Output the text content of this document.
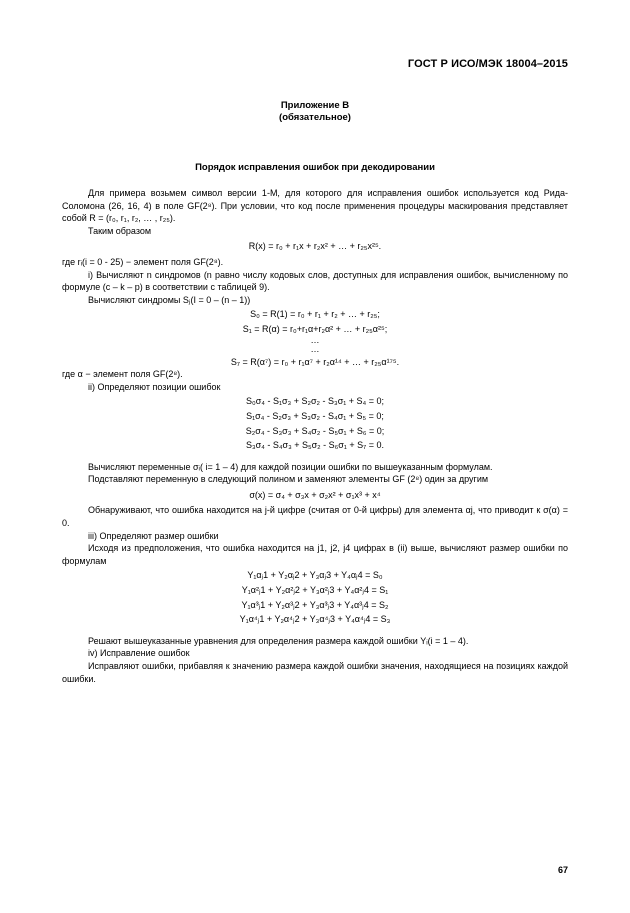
ГОСТ Р ИСО/МЭК 18004–2015
Приложение В
(обязательное)
Порядок исправления ошибок при декодировании
Для примера возьмем символ версии 1-M, для которого для исправления ошибок используется код Рида-Соломона (26, 16, 4) в поле GF(2⁸). При условии, что код после применения процедуры маскирования представляет собой R = (r₀, r₁, r₂, … , r₂₅).
Таким образом
R(x) = r₀ + r₁x + r₂x² + … + r₂₅x²⁵.
где rᵢ(i = 0 - 25) − элемент поля GF(2⁸).
i) Вычисляют n синдромов (n равно числу кодовых слов, доступных для исправления ошибок, вычисленному по формуле (c – k – p) в соответствии с таблицей 9).
Вычисляют синдромы Sⱼ(I = 0 – (n – 1))
S₀ = R(1) = r₀ + r₁ + r₂ + … + r₂₅;
S₁ = R(α) = r₀+r₁α+r₂α² + … + r₂₅α²⁵;
…
…
S₇ = R(α⁷) = r₀ + r₁α⁷ + r₂α¹⁴ + … + r₂₅α¹⁷⁵.
где α − элемент поля GF(2⁸).
ii) Определяют позиции ошибок
S₀σ₄ - S₁σ₃ + S₂σ₂ - S₃σ₁ + S₄ = 0;
S₁σ₄ - S₂σ₃ + S₃σ₂ - S₄σ₁ + S₅ = 0;
S₂σ₄ - S₃σ₃ + S₄σ₂ - S₅σ₁ + S₆ = 0;
S₃σ₄ - S₄σ₃ + S₅σ₂ - S₆σ₁ + S₇ = 0.
Вычисляют переменные σᵢ( i= 1 – 4) для каждой позиции ошибки по вышеуказанным формулам.
Подставляют переменную в следующий полином и заменяют элементы GF (2⁸) один за другим
σ(x) = σ₄ + σ₃x + σ₂x² + σ₁x³ + x⁴
Обнаруживают, что ошибка находится на j-й цифре (считая от 0-й цифры) для элемента αj, что приводит к σ(α) = 0.
iii) Определяют размер ошибки
Исходя из предположения, что ошибка находится на j1, j2, j4 цифрах в (ii) выше, вычисляют размер ошибки по формулам
Y₁αⱼ1 + Y₂αⱼ2 + Y₃αⱼ3 + Y₄αⱼ4 = S₀
Y₁α²ⱼ1 + Y₂α²ⱼ2 + Y₃α²ⱼ3 + Y₄α²ⱼ4 = S₁
Y₁α³ⱼ1 + Y₂α³ⱼ2 + Y₃α³ⱼ3 + Y₄α³ⱼ4 = S₂
Y₁α⁴ⱼ1 + Y₂α⁴ⱼ2 + Y₃α⁴ⱼ3 + Y₄α⁴ⱼ4 = S₃
Решают вышеуказанные уравнения для определения размера каждой ошибки Yᵢ(i = 1 – 4).
iv) Исправление ошибок
Исправляют ошибки, прибавляя к значению размера каждой ошибки значения, находящиеся на позициях каждой ошибки.
67
